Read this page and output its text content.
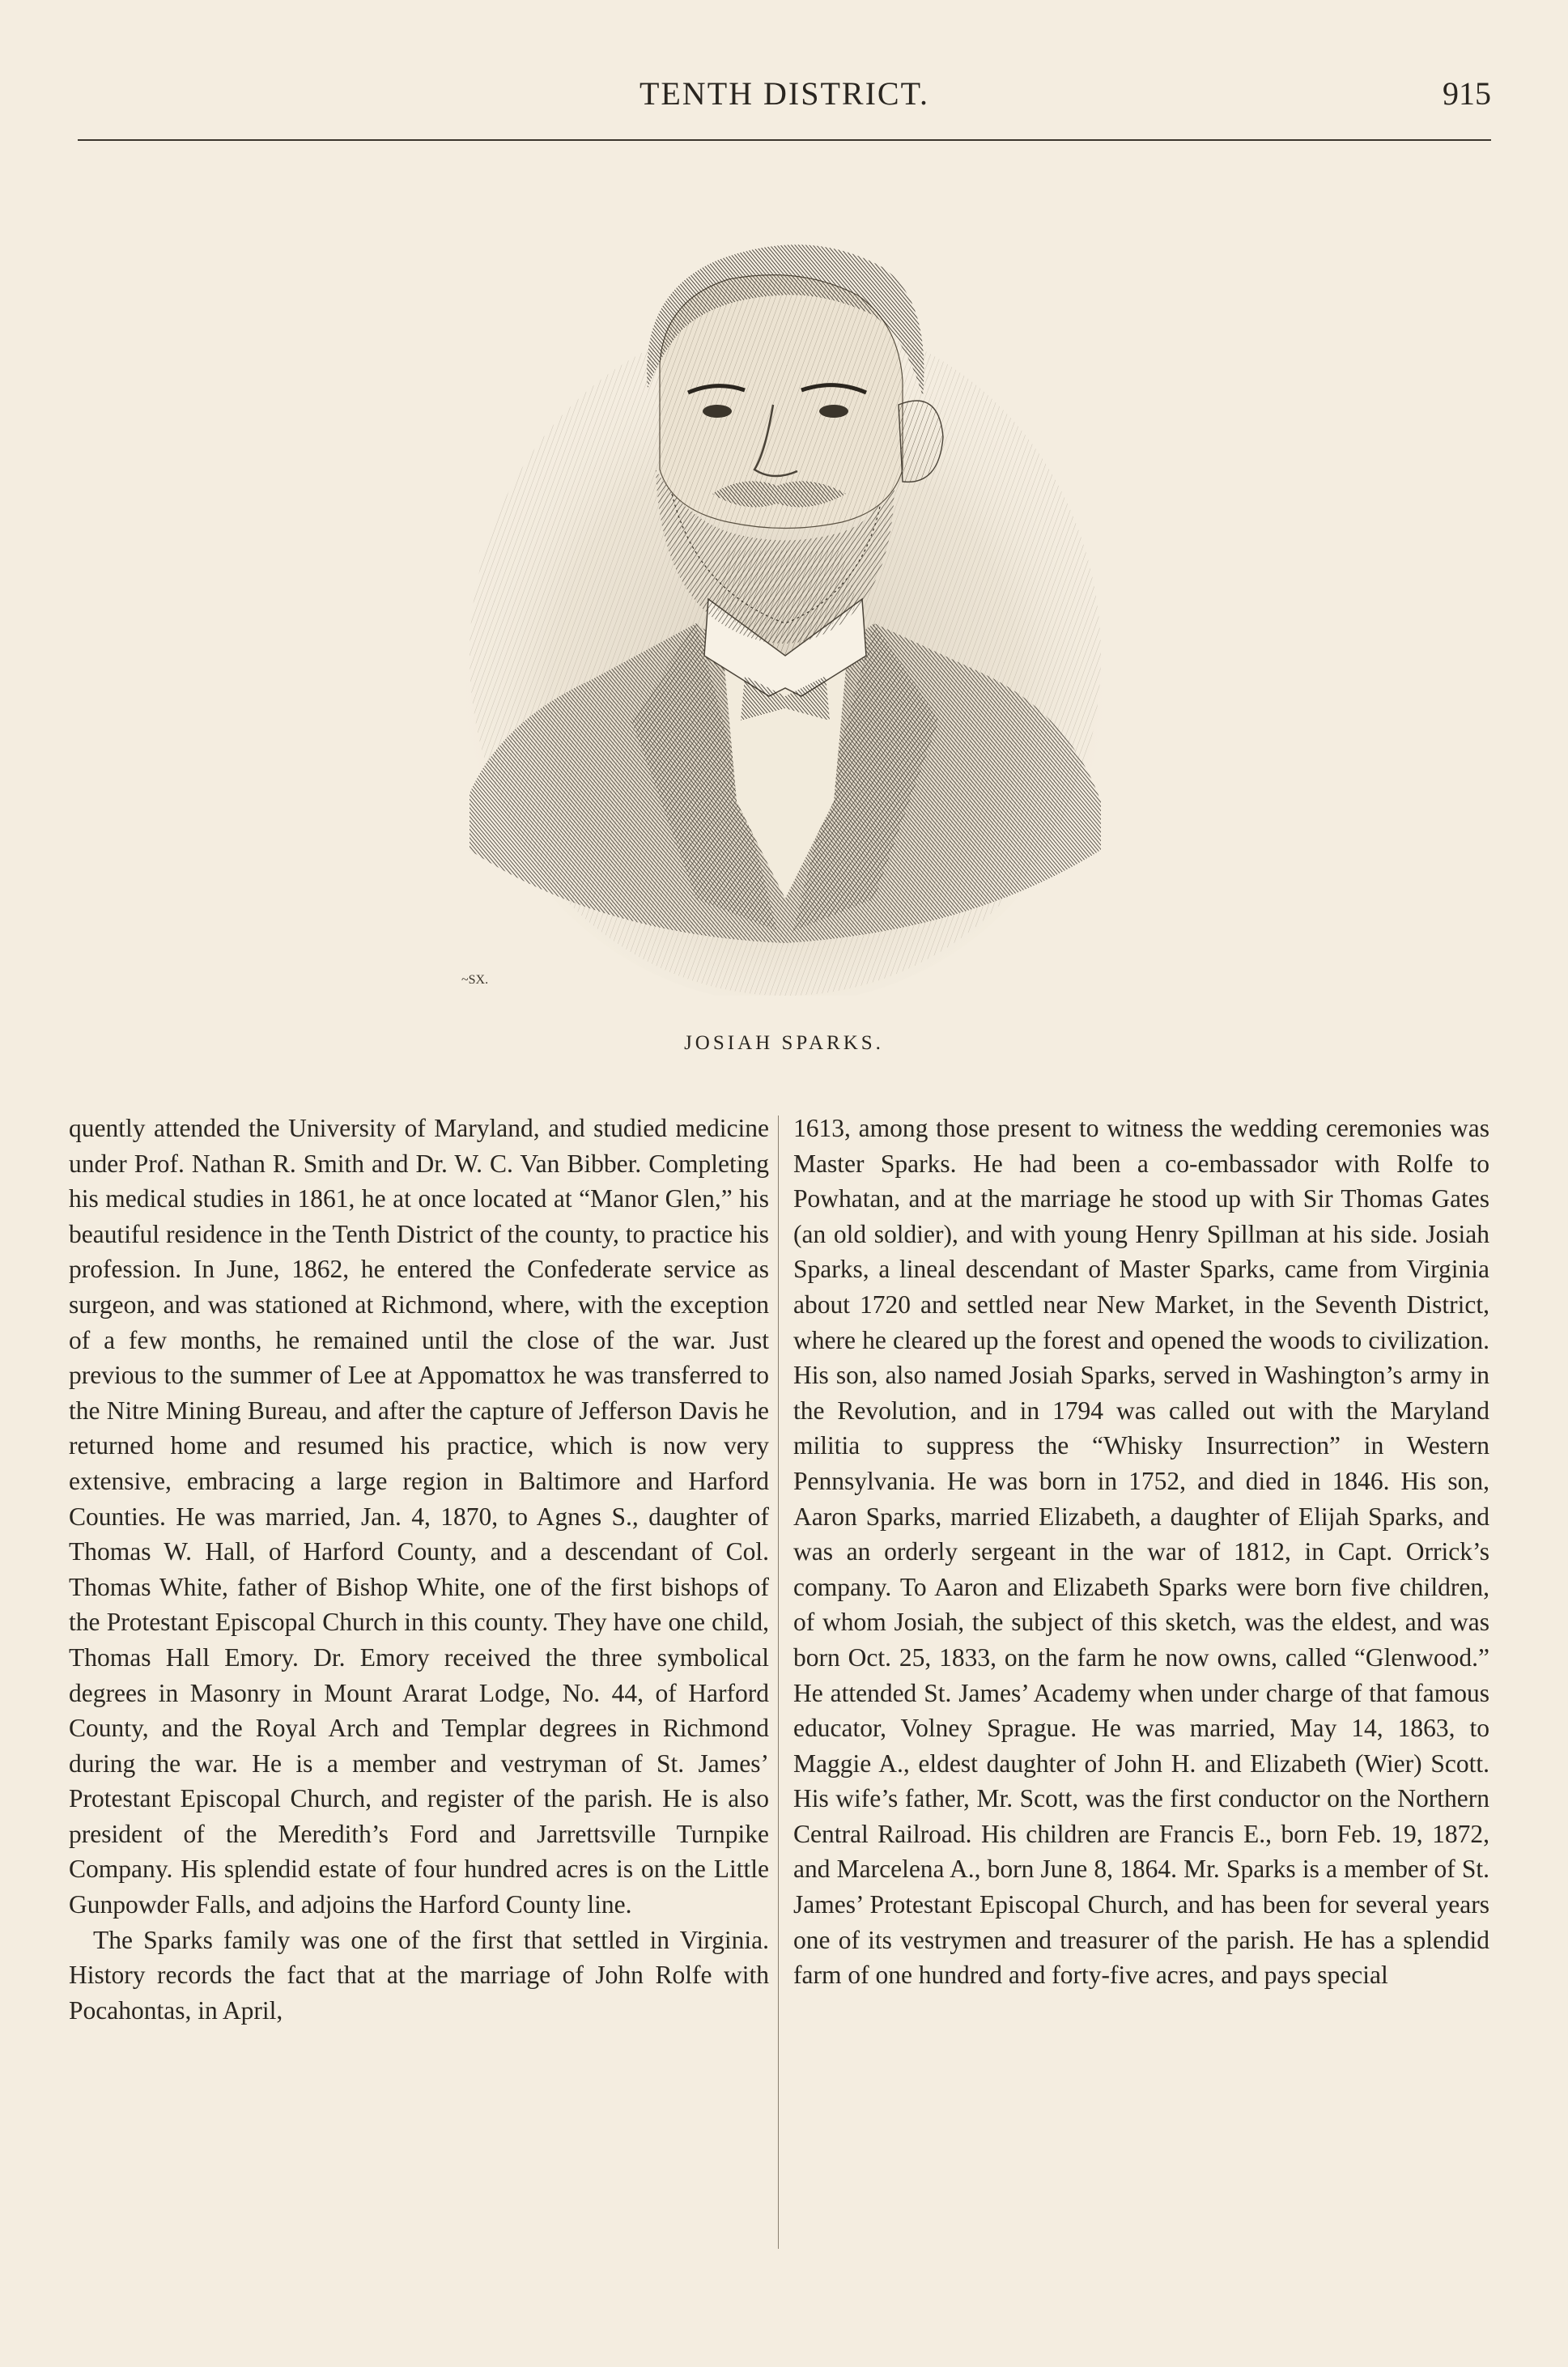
TENTH DISTRICT.	915
~SX.
JOSIAH SPARKS.

quently attended the University of Maryland, and studied medicine under Prof. Nathan R. Smith and Dr. W. C. Van Bibber. Completing his medical studies in 1861, he at once located at “Manor Glen,” his beautiful residence in the Tenth District of the county, to practice his profession. In June, 1862, he entered the Confederate service as surgeon, and was stationed at Richmond, where, with the exception of a few months, he remained until the close of the war. Just previous to the summer of Lee at Appomattox he was transferred to the Nitre Mining Bureau, and after the capture of Jefferson Davis he returned home and resumed his practice, which is now very extensive, embracing a large region in Baltimore and Harford Counties. He was married, Jan. 4, 1870, to Agnes S., daughter of Thomas W. Hall, of Harford County, and a descendant of Col. Thomas White, father of Bishop White, one of the first bishops of the Protestant Episcopal Church in this county. They have one child, Thomas Hall Emory. Dr. Emory received the three symbolical degrees in Masonry in Mount Ararat Lodge, No. 44, of Harford County, and the Royal Arch and Templar degrees in Richmond during the war. He is a member and vestryman of St. James’ Protestant Episcopal Church, and register of the parish. He is also president of the Meredith’s Ford and Jarrettsville Turnpike Company. His splendid estate of four hundred acres is on the Little Gunpowder Falls, and adjoins the Harford County line.

The Sparks family was one of the first that settled in Virginia. History records the fact that at the marriage of John Rolfe with Pocahontas, in April,

1613, among those present to witness the wedding ceremonies was Master Sparks. He had been a co-embassador with Rolfe to Powhatan, and at the marriage he stood up with Sir Thomas Gates (an old soldier), and with young Henry Spillman at his side. Josiah Sparks, a lineal descendant of Master Sparks, came from Virginia about 1720 and settled near New Market, in the Seventh District, where he cleared up the forest and opened the woods to civilization. His son, also named Josiah Sparks, served in Washington’s army in the Revolution, and in 1794 was called out with the Maryland militia to suppress the “Whisky Insurrection” in Western Pennsylvania. He was born in 1752, and died in 1846. His son, Aaron Sparks, married Elizabeth, a daughter of Elijah Sparks, and was an orderly sergeant in the war of 1812, in Capt. Orrick’s company. To Aaron and Elizabeth Sparks were born five children, of whom Josiah, the subject of this sketch, was the eldest, and was born Oct. 25, 1833, on the farm he now owns, called “Glenwood.” He attended St. James’ Academy when under charge of that famous educator, Volney Sprague. He was married, May 14, 1863, to Maggie A., eldest daughter of John H. and Elizabeth (Wier) Scott. His wife’s father, Mr. Scott, was the first conductor on the Northern Central Railroad. His children are Francis E., born Feb. 19, 1872, and Marcelena A., born June 8, 1864. Mr. Sparks is a member of St. James’ Protestant Episcopal Church, and has been for several years one of its vestrymen and treasurer of the parish. He has a splendid farm of one hundred and forty-five acres, and pays special
